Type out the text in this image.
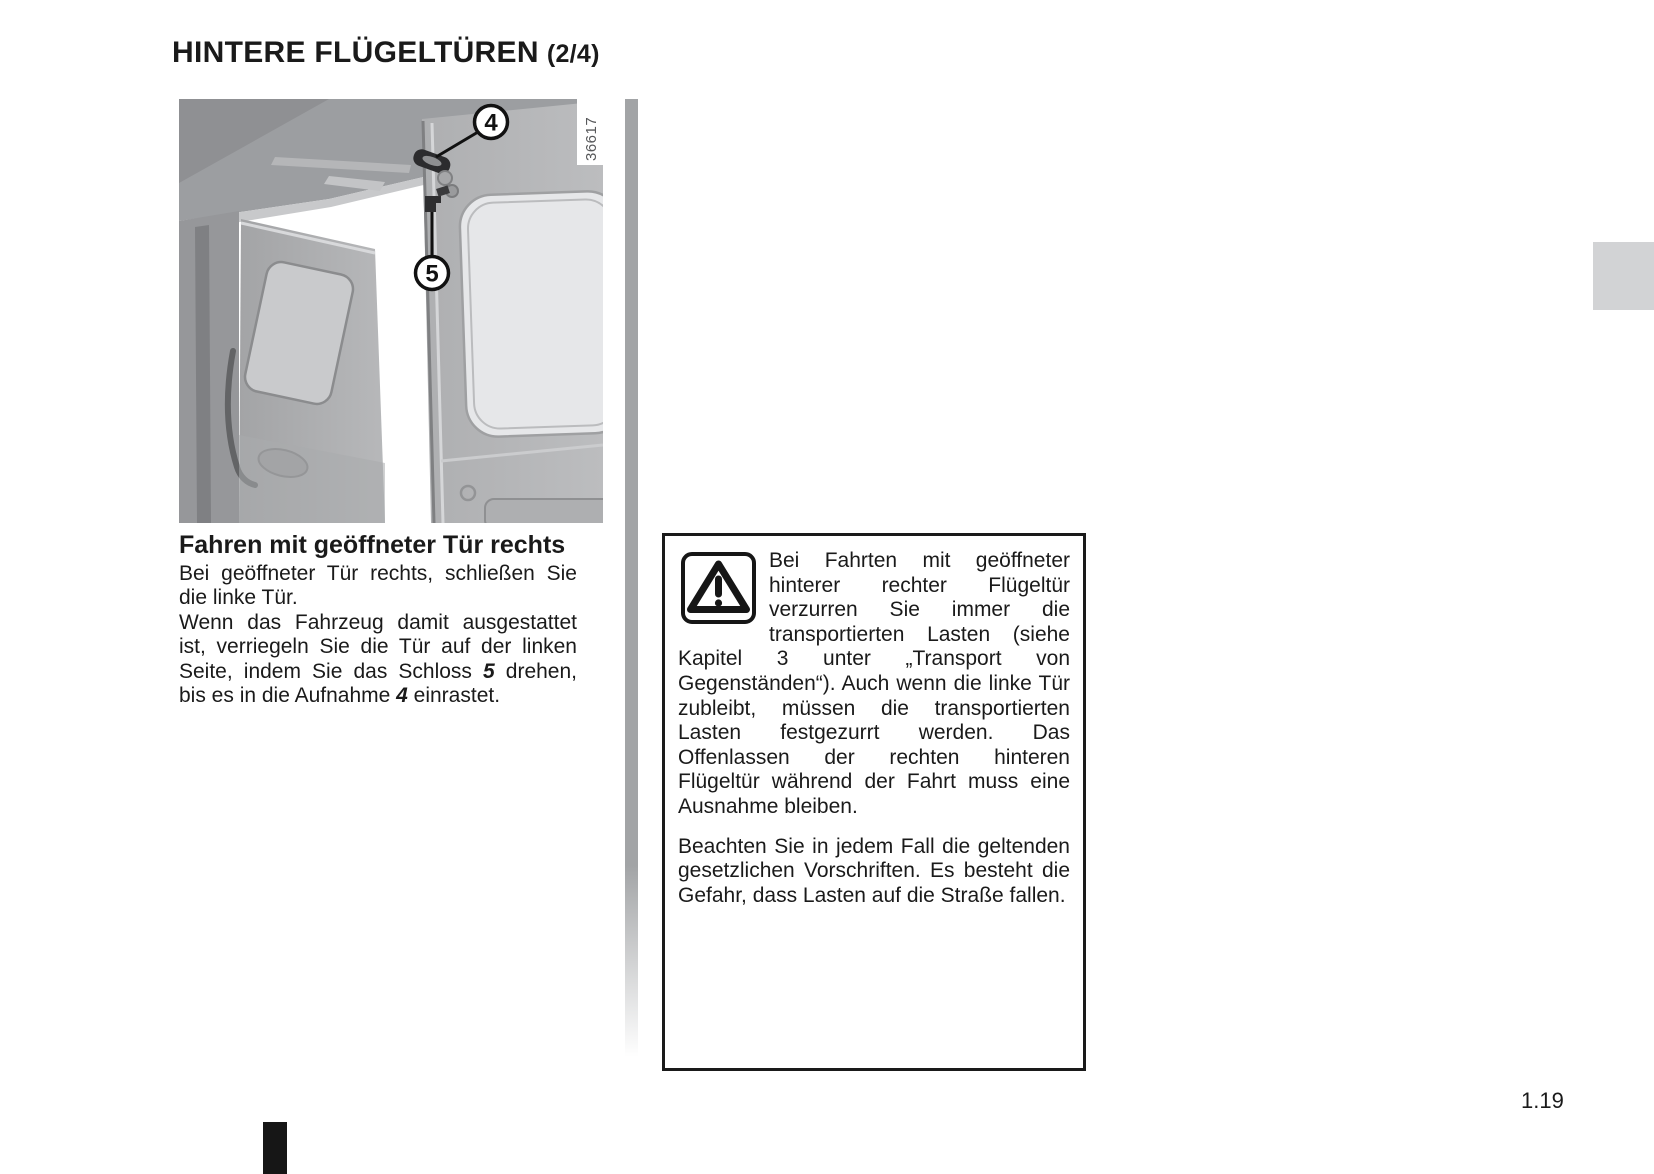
HINTERE FLÜGELTÜREN (2/4)
4
5
36617
Fahren mit geöffneter Tür rechts

Bei geöffneter Tür rechts, schließen Sie die linke Tür.

Wenn das Fahrzeug damit ausgestattet ist, verriegeln Sie die Tür auf der linken Seite, indem Sie das Schloss 5 drehen, bis es in die Aufnahme 4 einrastet.

Bei Fahrten mit geöffneter hinterer rechter Flügeltür verzurren Sie immer die transportierten Lasten (siehe Kapitel 3 unter „Transport von Gegenständen“). Auch wenn die linke Tür zubleibt, müssen die transportierten Lasten festgezurrt werden. Das Offenlassen der rechten hinteren Flügeltür während der Fahrt muss eine Ausnahme bleiben.

Beachten Sie in jedem Fall die geltenden gesetzlichen Vorschriften. Es besteht die Gefahr, dass Lasten auf die Straße fallen.

1.19
